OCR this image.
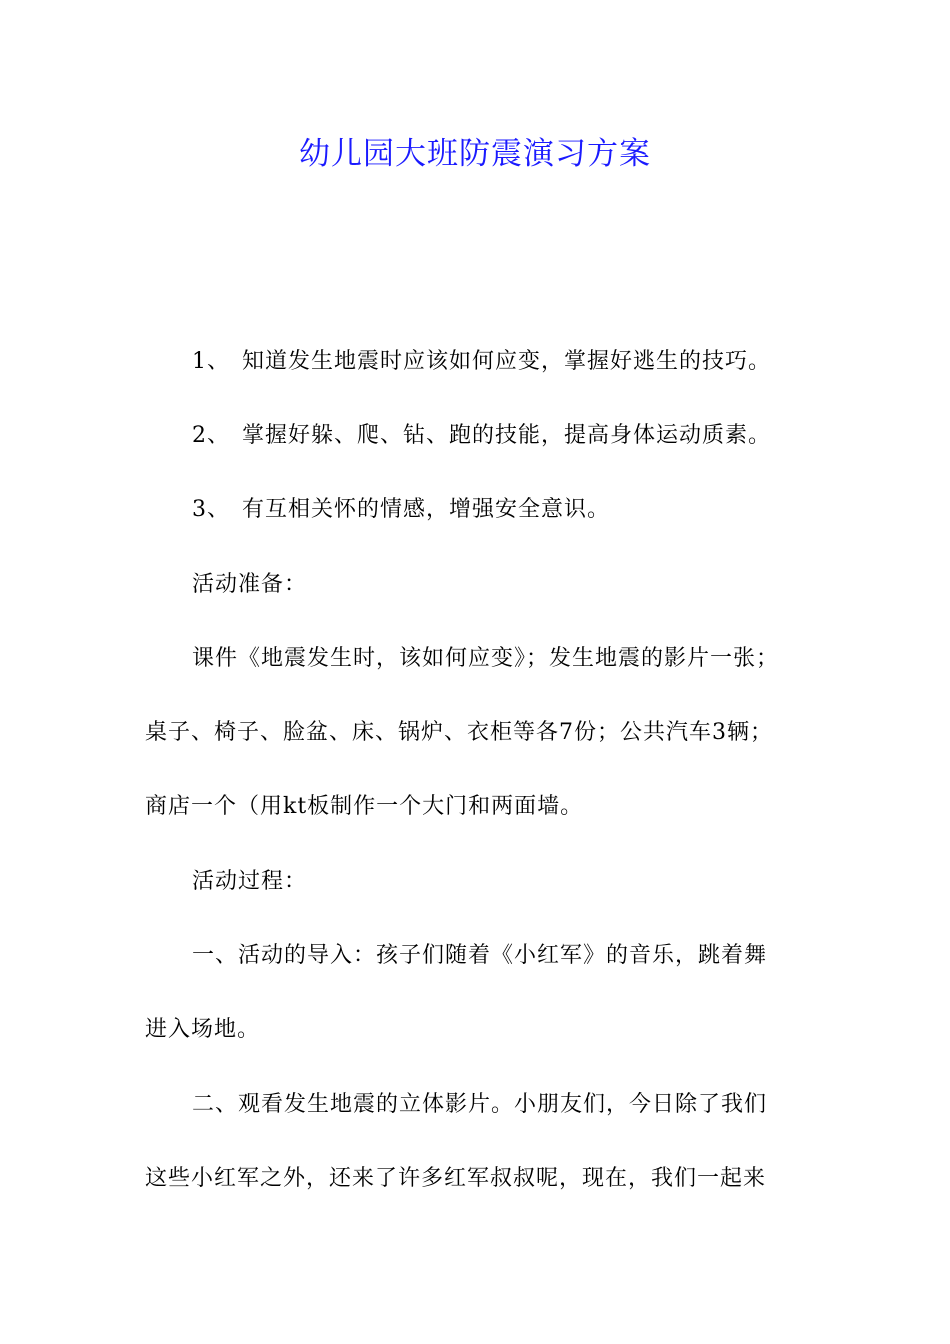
幼儿园大班防震演习方案
1、 知道发生地震时应该如何应变，掌握好逃生的技巧。
2、 掌握好躲、爬、钻、跑的技能，提高身体运动质素。
3、 有互相关怀的情感，增强安全意识。
活动准备：
课件《地震发生时，该如何应变》；发生地震的影片一张；
桌子、椅子、脸盆、床、锅炉、衣柜等各7份；公共汽车3辆；
商店一个（用kt板制作一个大门和两面墙。
活动过程：
一、活动的导入：孩子们随着《小红军》的音乐，跳着舞
进入场地。
二、观看发生地震的立体影片。小朋友们，今日除了我们
这些小红军之外，还来了许多红军叔叔呢，现在，我们一起来
